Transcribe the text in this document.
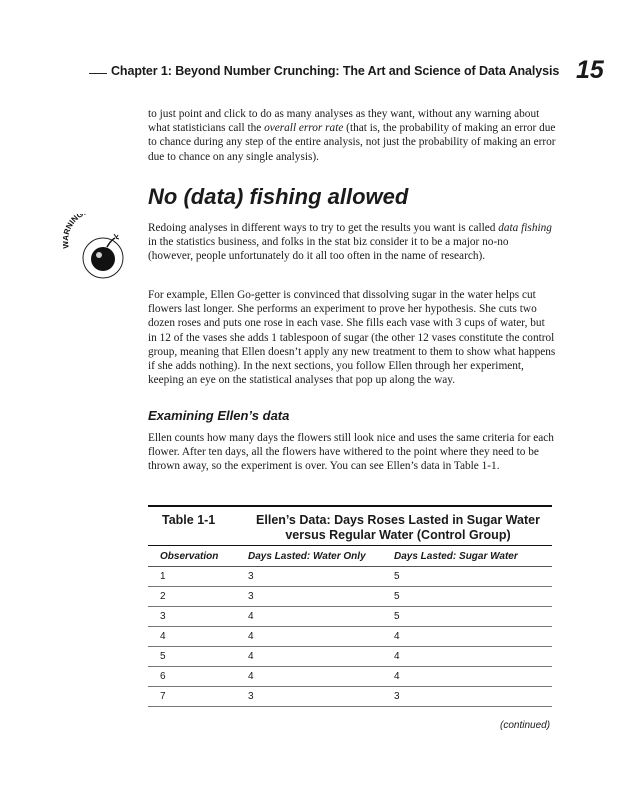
Chapter 1: Beyond Number Crunching: The Art and Science of Data Analysis 15
to just point and click to do as many analyses as they want, without any warning about what statisticians call the overall error rate (that is, the probability of making an error due to chance during any step of the entire analysis, not just the probability of making an error due to chance on any single analysis).
No (data) fishing allowed
NING
Redoing analyses in different ways to try to get the results you want is called data fishing in the statistics business, and folks in the stat biz consider it to be a major no-no (however, people unfortunately do it all too often in the name of research).
For example, Ellen Go-getter is convinced that dissolving sugar in the water helps cut flowers last longer. She performs an experiment to prove her hypothesis. She cuts two dozen roses and puts one rose in each vase. She fills each vase with 3 cups of water, but in 12 of the vases she adds 1 tablespoon of sugar (the other 12 vases constitute the control group, meaning that Ellen doesn’t apply any new treatment to them to show what happens if she adds nothing). In the next sections, you follow Ellen through her experiment, keeping an eye on the statistical analyses that pop up along the way.
Examining Ellen’s data
Ellen counts how many days the flowers still look nice and uses the same criteria for each flower. After ten days, all the flowers have withered to the point where they need to be thrown away, so the experiment is over. You can see Ellen’s data in Table 1-1.
Table 1-1	Ellen’s Data: Days Roses Lasted in Sugar Water versus Regular Water (Control Group)
Observation	Days Lasted: Water Only	Days Lasted: Sugar Water
1	3	5
2	3	5
3	4	5
4	4	4
5	4	4
6	4	4
7	3	3
(continued)
